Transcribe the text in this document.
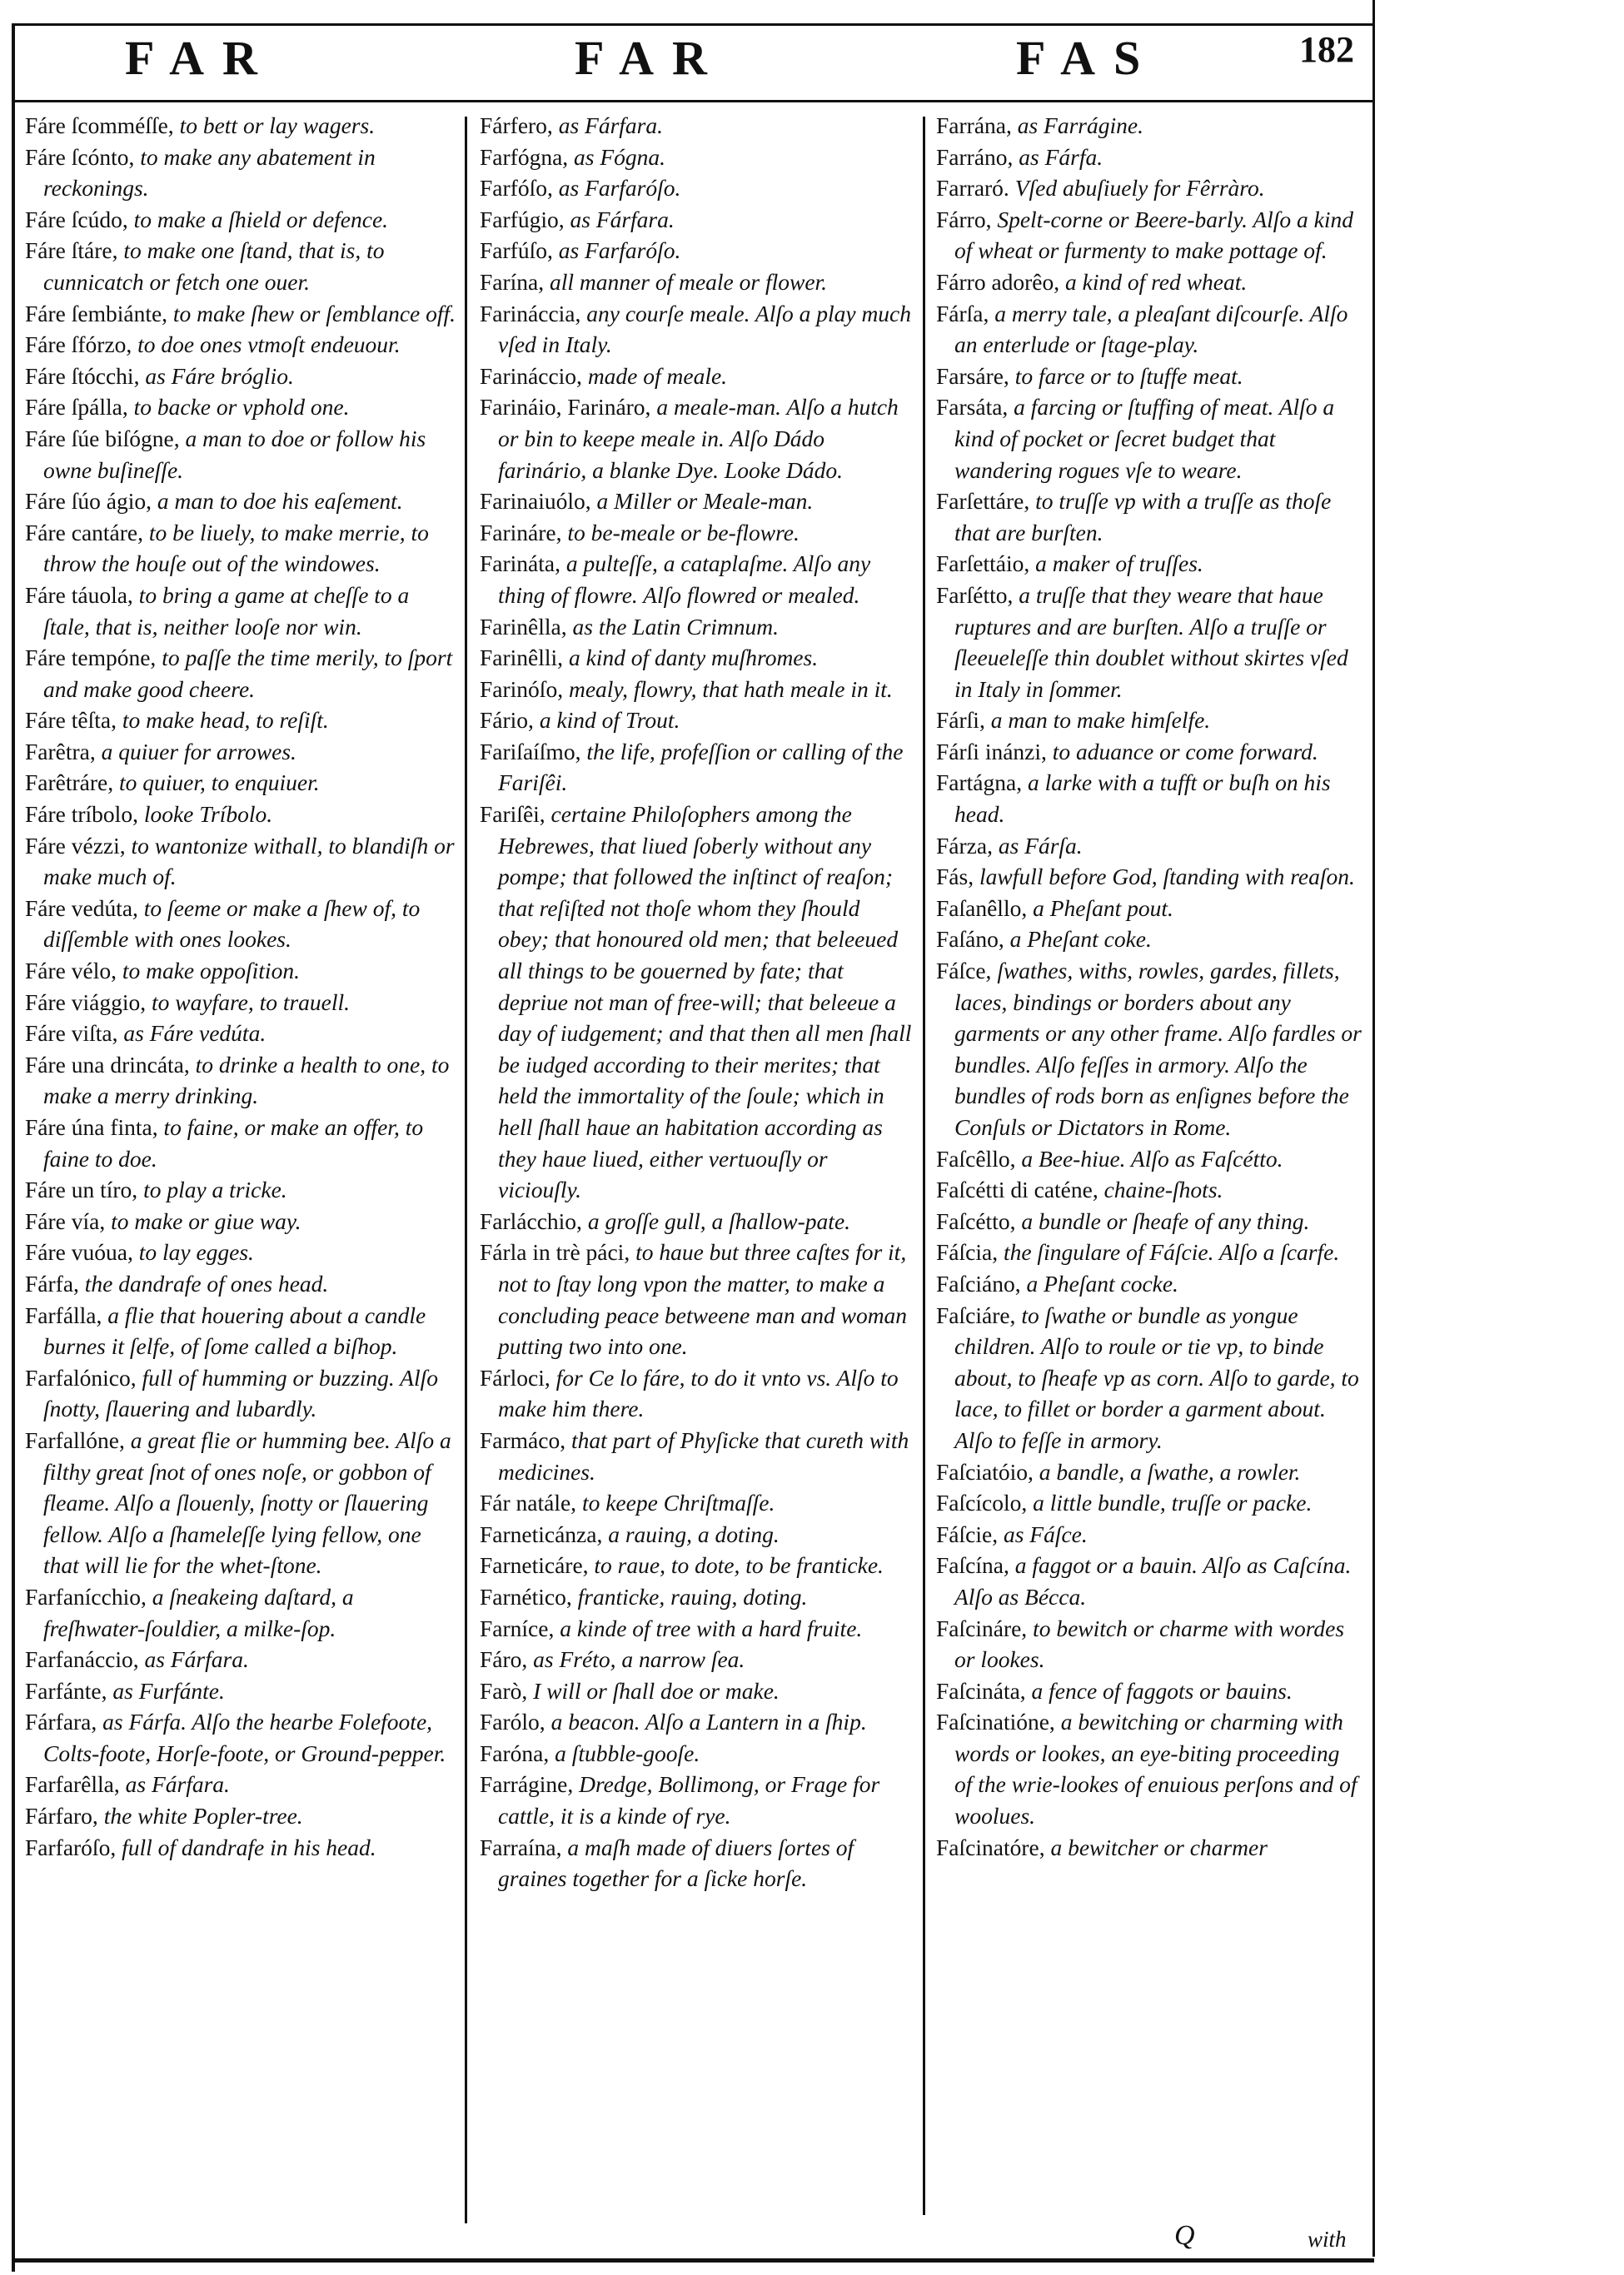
FAR	FAR	FAS	182

Fáre ſcomméſſe, to bett or lay wagers.

Fáre ſcónto, to make any abatement in reckonings.

Fáre ſcúdo, to make a ſhield or defence.

Fáre ſtáre, to make one ſtand, that is, to cunnicatch or fetch one ouer.

Fáre ſembiánte, to make ſhew or ſemblance off.

Fáre ſfórzo, to doe ones vtmoſt endeuour.

Fáre ſtócchi, as Fáre bróglio.

Fáre ſpálla, to backe or vphold one.

Fáre ſúe biſógne, a man to doe or follow his owne buſineſſe.

Fáre ſúo ágio, a man to doe his eaſement.

Fáre cantáre, to be liuely, to make merrie, to throw the houſe out of the windowes.

Fáre táuola, to bring a game at cheſſe to a ſtale, that is, neither looſe nor win.

Fáre tempóne, to paſſe the time merily, to ſport and make good cheere.

Fáre têſta, to make head, to reſiſt.

Farêtra, a quiuer for arrowes.

Farêtráre, to quiuer, to enquiuer.

Fáre tríbolo, looke Tríbolo.

Fáre vézzi, to wantonize withall, to blandiſh or make much of.

Fáre vedúta, to ſeeme or make a ſhew of, to diſſemble with ones lookes.

Fáre vélo, to make oppoſition.

Fáre viággio, to wayfare, to trauell.

Fáre viſta, as Fáre vedúta.

Fáre una drincáta, to drinke a health to one, to make a merry drinking.

Fáre úna finta, to faine, or make an offer, to faine to doe.

Fáre un tíro, to play a tricke.

Fáre vía, to make or giue way.

Fáre vuóua, to lay egges.

Fárfa, the dandrafe of ones head.

Farfálla, a flie that houering about a candle burnes it ſelfe, of ſome called a biſhop.

Farfalónico, full of humming or buzzing. Alſo ſnotty, ſlauering and lubardly.

Farfallóne, a great flie or humming bee. Alſo a filthy great ſnot of ones noſe, or gobbon of fleame. Alſo a ſlouenly, ſnotty or ſlauering fellow. Alſo a ſhameleſſe lying fellow, one that will lie for the whet-ſtone.

Farfanícchio, a ſneakeing daſtard, a freſhwater-ſouldier, a milke-ſop.

Farfanáccio, as Fárfara.

Farfánte, as Furfánte.

Fárfara, as Fárfa. Alſo the hearbe Folefoote, Colts-foote, Horſe-foote, or Ground-pepper.

Farfarêlla, as Fárfara.

Fárfaro, the white Popler-tree.

Farfaróſo, full of dandrafe in his head.

Fárfero, as Fárfara.

Farfógna, as Fógna.

Farfóſo, as Farfaróſo.

Farfúgio, as Fárfara.

Farfúſo, as Farfaróſo.

Farína, all manner of meale or flower.

Farináccia, any courſe meale. Alſo a play much vſed in Italy.

Farináccio, made of meale.

Farináio, Farináro, a meale-man. Alſo a hutch or bin to keepe meale in. Alſo Dádo farinário, a blanke Dye. Looke Dádo.

Farinaiuólo, a Miller or Meale-man.

Farináre, to be-meale or be-flowre.

Farináta, a pulteſſe, a cataplaſme. Alſo any thing of flowre. Alſo flowred or mealed.

Farinêlla, as the Latin Crimnum.

Farinêlli, a kind of danty muſhromes.

Farinóſo, mealy, flowry, that hath meale in it.

Fário, a kind of Trout.

Fariſaíſmo, the life, profeſſion or calling of the Fariſêi.

Fariſêi, certaine Philoſophers among the Hebrewes, that liued ſoberly without any pompe; that followed the inſtinct of reaſon; that reſiſted not thoſe whom they ſhould obey; that honoured old men; that beleeued all things to be gouerned by fate; that depriue not man of free-will; that beleeue a day of iudgement; and that then all men ſhall be iudged according to their merites; that held the immortality of the ſoule; which in hell ſhall haue an habitation according as they haue liued, either vertuouſly or viciouſly.

Farlácchio, a groſſe gull, a ſhallow-pate.

Fárla in trè páci, to haue but three caſtes for it, not to ſtay long vpon the matter, to make a concluding peace betweene man and woman putting two into one.

Fárloci, for Ce lo fáre, to do it vnto vs. Alſo to make him there.

Farmáco, that part of Phyſicke that cureth with medicines.

Fár natále, to keepe Chriſtmaſſe.

Farneticánza, a rauing, a doting.

Farneticáre, to raue, to dote, to be franticke.

Farnético, franticke, rauing, doting.

Farníce, a kinde of tree with a hard fruite.

Fáro, as Fréto, a narrow ſea.

Farò, I will or ſhall doe or make.

Farólo, a beacon. Alſo a Lantern in a ſhip.

Faróna, a ſtubble-gooſe.

Farrágine, Dredge, Bollimong, or Frage for cattle, it is a kinde of rye.

Farraína, a maſh made of diuers ſortes of graines together for a ſicke horſe.

Farrána, as Farrágine.

Farráno, as Fárfa.

Farraró. Vſed abuſiuely for Fêrràro.

Fárro, Spelt-corne or Beere-barly. Alſo a kind of wheat or furmenty to make pottage of.

Fárro adorêo, a kind of red wheat.

Fárſa, a merry tale, a pleaſant diſcourſe. Alſo an enterlude or ſtage-play.

Farsáre, to farce or to ſtuffe meat.

Farsáta, a farcing or ſtuffing of meat. Alſo a kind of pocket or ſecret budget that wandering rogues vſe to weare.

Farſettáre, to truſſe vp with a truſſe as thoſe that are burſten.

Farſettáio, a maker of truſſes.

Farſétto, a truſſe that they weare that haue ruptures and are burſten. Alſo a truſſe or ſleeueleſſe thin doublet without skirtes vſed in Italy in ſommer.

Fárſi, a man to make himſelfe.

Fárſi inánzi, to aduance or come forward.

Fartágna, a larke with a tufft or buſh on his head.

Fárza, as Fárſa.

Fás, lawfull before God, ſtanding with reaſon.

Faſanêllo, a Pheſant pout.

Faſáno, a Pheſant coke.

Fáſce, ſwathes, withs, rowles, gardes, fillets, laces, bindings or borders about any garments or any other frame. Alſo fardles or bundles. Alſo feſſes in armory. Alſo the bundles of rods born as enſignes before the Conſuls or Dictators in Rome.

Faſcêllo, a Bee-hiue. Alſo as Faſcétto.

Faſcétti di caténe, chaine-ſhots.

Faſcétto, a bundle or ſheafe of any thing.

Fáſcia, the ſingulare of Fáſcie. Alſo a ſcarfe.

Faſciáno, a Pheſant cocke.

Faſciáre, to ſwathe or bundle as yongue children. Alſo to roule or tie vp, to binde about, to ſheafe vp as corn. Alſo to garde, to lace, to fillet or border a garment about. Alſo to feſſe in armory.

Faſciatóio, a bandle, a ſwathe, a rowler.

Faſcícolo, a little bundle, truſſe or packe.

Fáſcie, as Fáſce.

Faſcína, a faggot or a bauin. Alſo as Caſcína. Alſo as Bécca.

Faſcináre, to bewitch or charme with wordes or lookes.

Faſcináta, a fence of faggots or bauins.

Faſcinatióne, a bewitching or charming with words or lookes, an eye-biting proceeding of the wrie-lookes of enuious perſons and of woolues.

Faſcinatóre, a bewitcher or charmer

Q	with
